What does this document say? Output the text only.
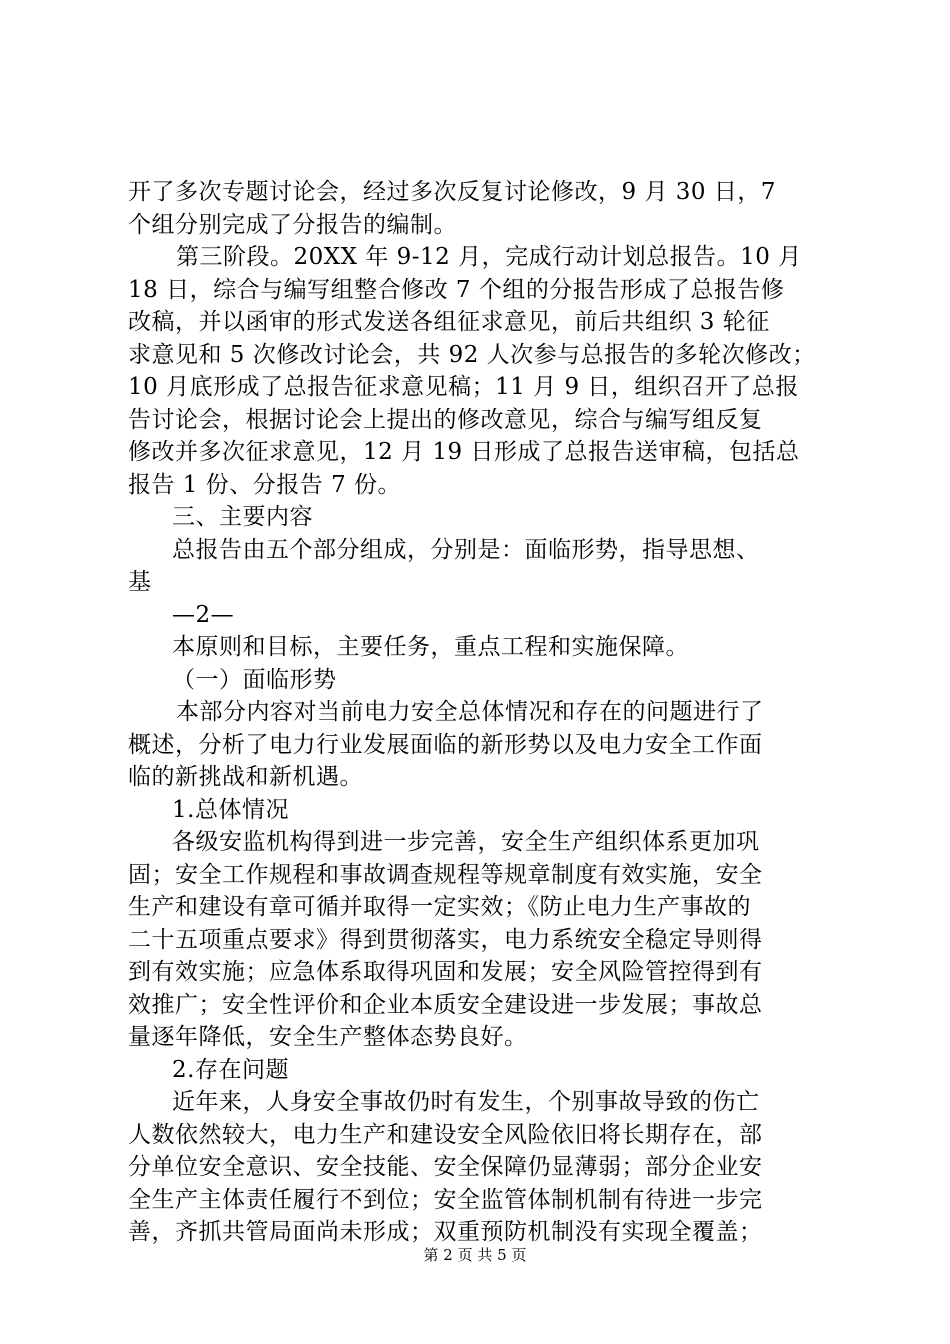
开了多次专题讨论会，经过多次反复讨论修改，9 月 30 日，7
个组分别完成了分报告的编制。
第三阶段。20XX 年 9-12 月，完成行动计划总报告。10 月
18 日，综合与编写组整合修改 7 个组的分报告形成了总报告修
改稿，并以函审的形式发送各组征求意见，前后共组织 3 轮征
求意见和 5 次修改讨论会，共 92 人次参与总报告的多轮次修改；
10 月底形成了总报告征求意见稿；11 月 9 日，组织召开了总报
告讨论会，根据讨论会上提出的修改意见，综合与编写组反复
修改并多次征求意见，12 月 19 日形成了总报告送审稿，包括总
报告 1 份、分报告 7 份。
三、主要内容
总报告由五个部分组成，分别是：面临形势，指导思想、
基
—2—
本原则和目标，主要任务，重点工程和实施保障。
（一）面临形势
本部分内容对当前电力安全总体情况和存在的问题进行了
概述，分析了电力行业发展面临的新形势以及电力安全工作面
临的新挑战和新机遇。
1.总体情况
各级安监机构得到进一步完善，安全生产组织体系更加巩
固；安全工作规程和事故调查规程等规章制度有效实施，安全
生产和建设有章可循并取得一定实效；《防止电力生产事故的
二十五项重点要求》得到贯彻落实，电力系统安全稳定导则得
到有效实施；应急体系取得巩固和发展；安全风险管控得到有
效推广；安全性评价和企业本质安全建设进一步发展；事故总
量逐年降低，安全生产整体态势良好。
2.存在问题
近年来，人身安全事故仍时有发生，个别事故导致的伤亡
人数依然较大，电力生产和建设安全风险依旧将长期存在，部
分单位安全意识、安全技能、安全保障仍显薄弱；部分企业安
全生产主体责任履行不到位；安全监管体制机制有待进一步完
善，齐抓共管局面尚未形成；双重预防机制没有实现全覆盖；
第 2 页 共 5 页
